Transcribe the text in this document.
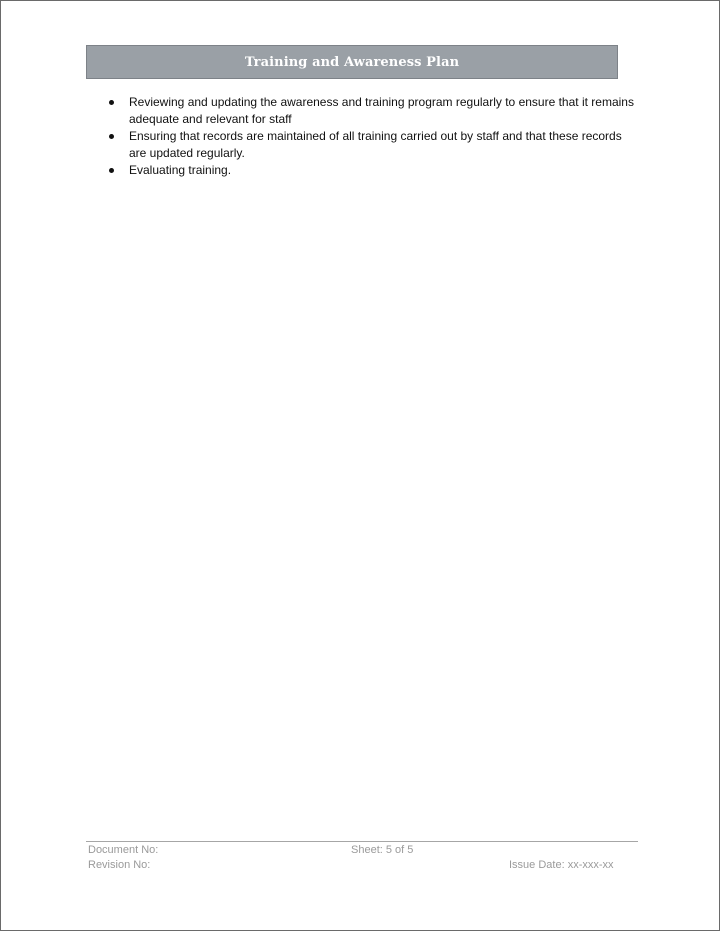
Training and Awareness Plan
Reviewing and updating the awareness and training program regularly to ensure that it remains adequate and relevant for staff
Ensuring that records are maintained of all training carried out by staff and that these records are updated regularly.
Evaluating training.
Document No:	Sheet: 5 of 5
Revision No:	Issue Date: xx-xxx-xx
